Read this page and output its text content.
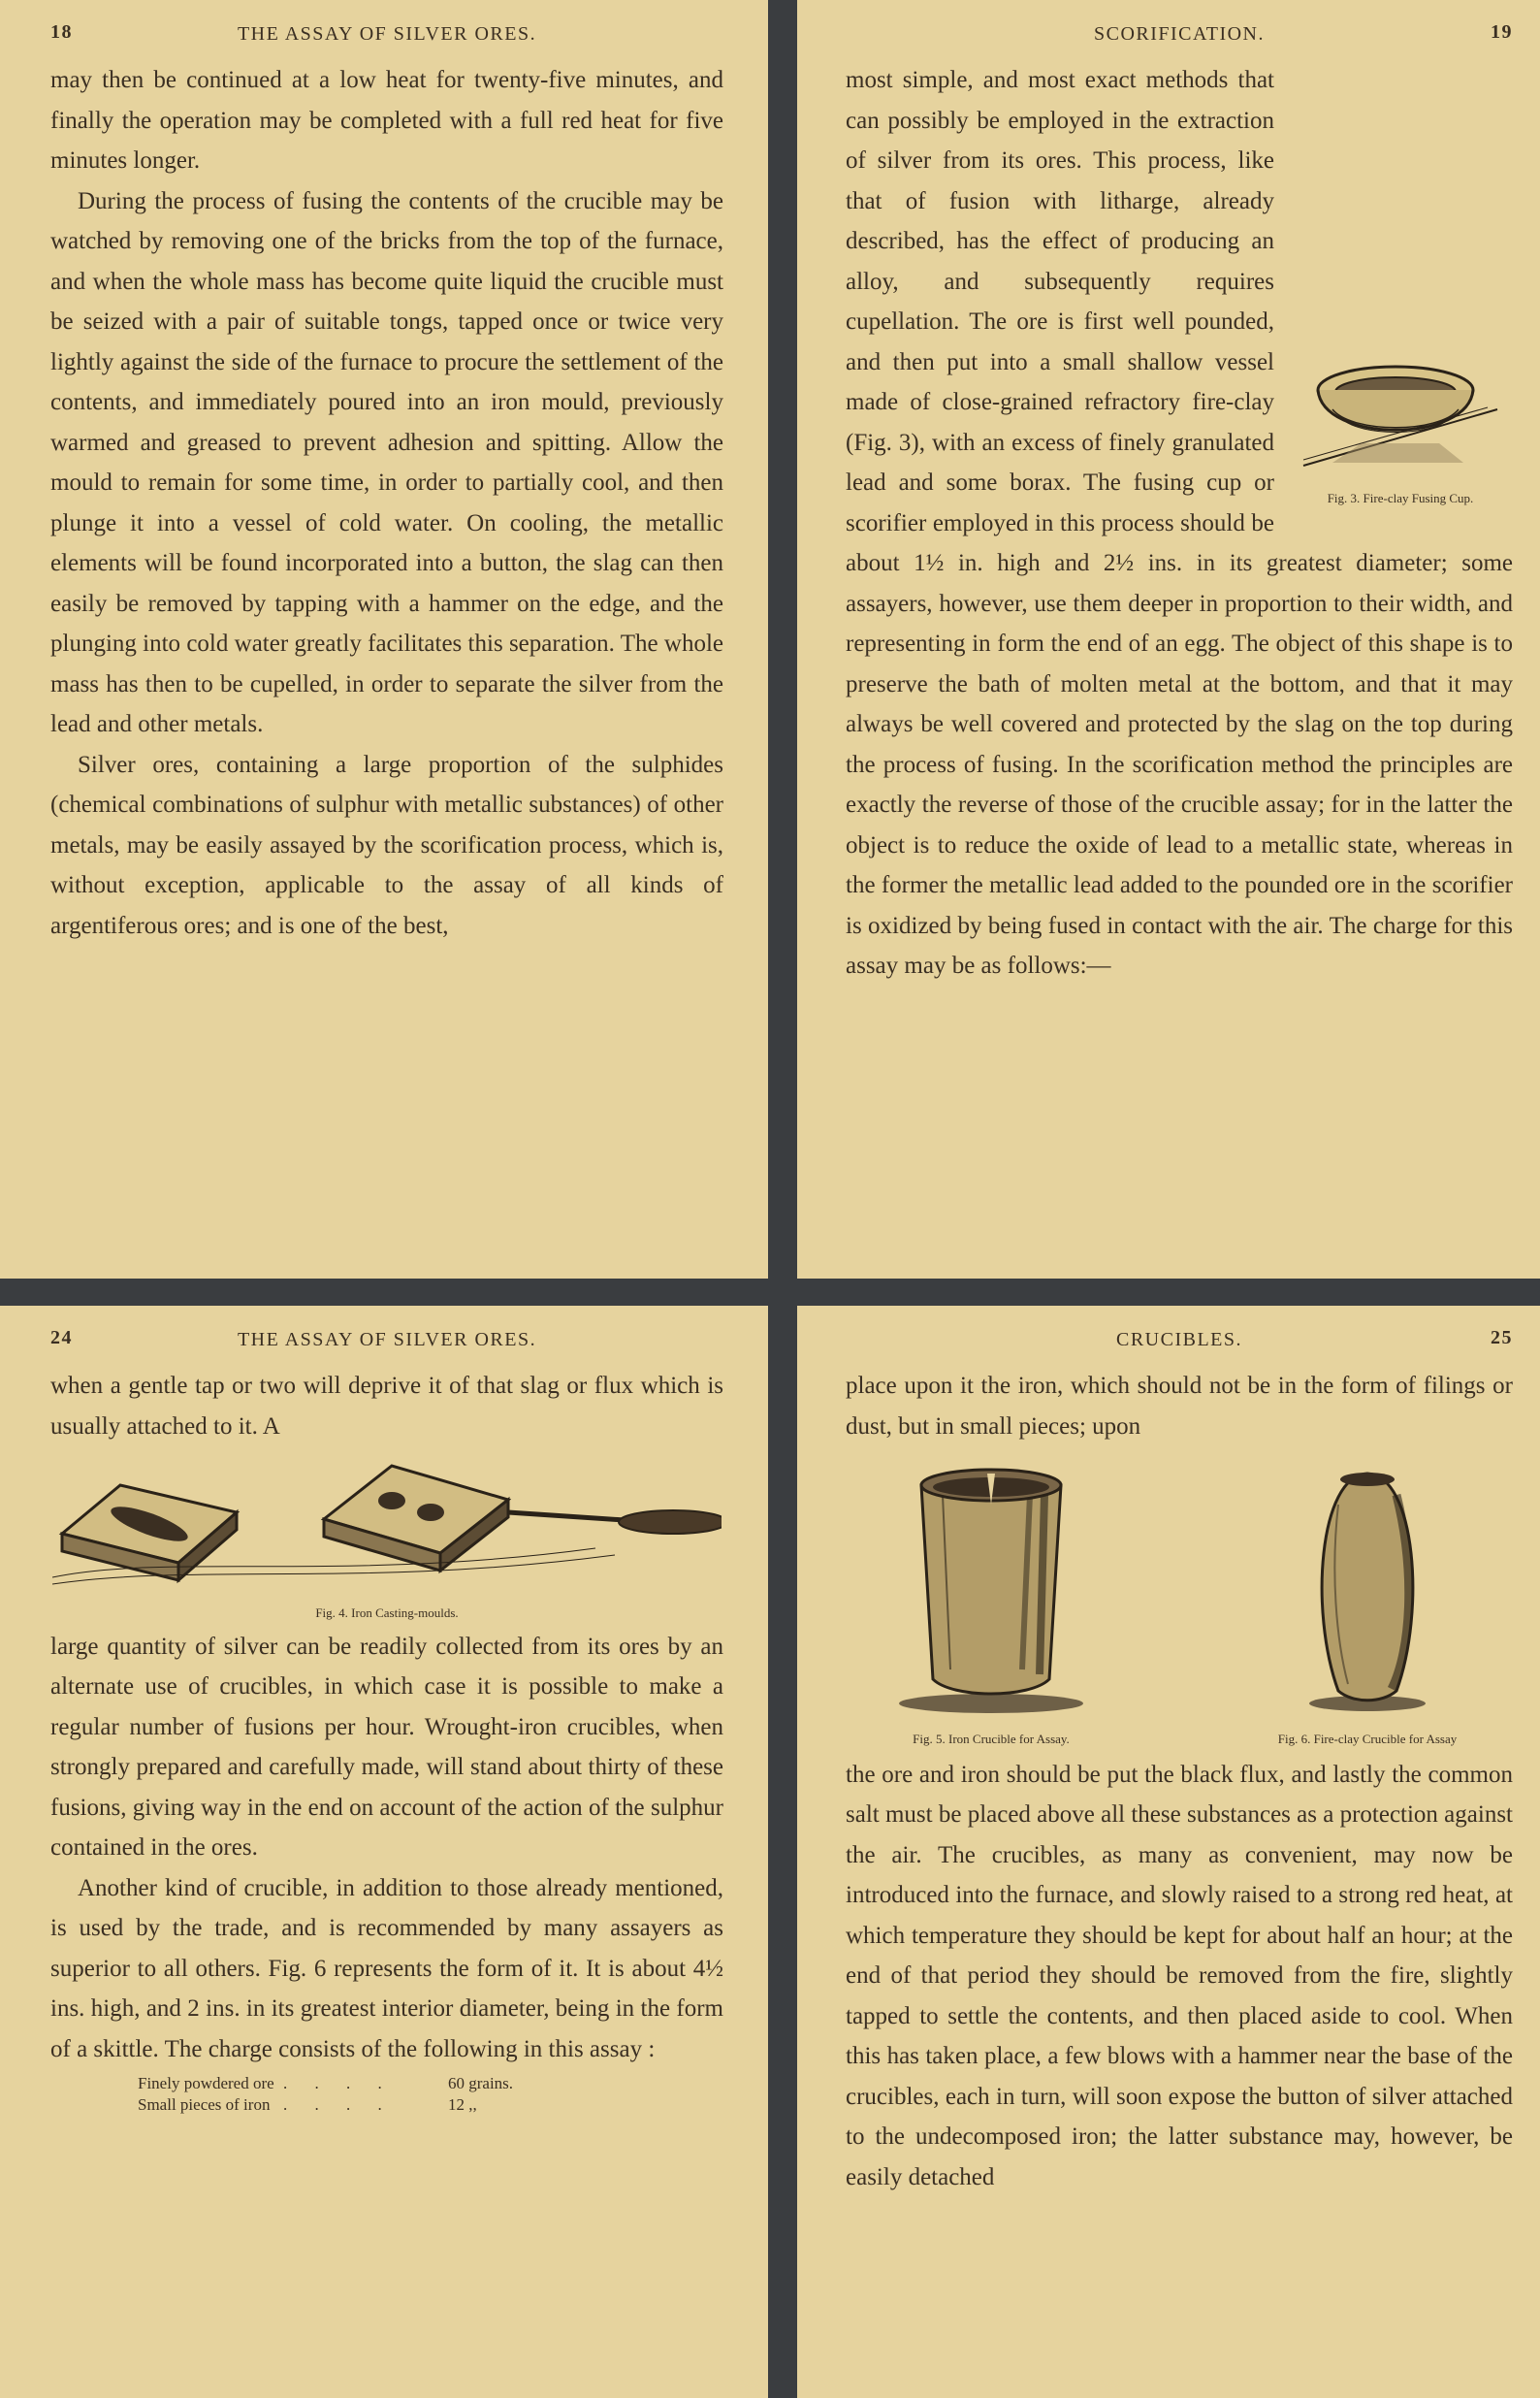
18	THE ASSAY OF SILVER ORES.

may then be continued at a low heat for twenty-five minutes, and finally the operation may be completed with a full red heat for five minutes longer.

During the process of fusing the contents of the crucible may be watched by removing one of the bricks from the top of the furnace, and when the whole mass has become quite liquid the crucible must be seized with a pair of suitable tongs, tapped once or twice very lightly against the side of the furnace to procure the settlement of the contents, and immediately poured into an iron mould, previously warmed and greased to prevent adhesion and spitting. Allow the mould to remain for some time, in order to partially cool, and then plunge it into a vessel of cold water. On cooling, the metallic elements will be found incorporated into a button, the slag can then easily be removed by tapping with a hammer on the edge, and the plunging into cold water greatly facilitates this separation. The whole mass has then to be cupelled, in order to separate the silver from the lead and other metals.

Silver ores, containing a large proportion of the sulphides (chemical combinations of sulphur with metallic substances) of other metals, may be easily assayed by the scorification process, which is, without exception, applicable to the assay of all kinds of argentiferous ores; and is one of the best,

SCORIFICATION.	19
Fig. 3. Fire-clay Fusing Cup.

most simple, and most exact methods that can possibly be employed in the extraction of silver from its ores. This process, like that of fusion with litharge, already described, has the effect of producing an alloy, and subsequently requires cupellation. The ore is first well pounded, and then put into a small shallow vessel made of close-grained refractory fire-clay (Fig. 3), with an excess of finely granulated lead and some borax. The fusing cup or scorifier employed in this process should be about 1½ in. high and 2½ ins. in its greatest diameter; some assayers, however, use them deeper in proportion to their width, and representing in form the end of an egg. The object of this shape is to preserve the bath of molten metal at the bottom, and that it may always be well covered and protected by the slag on the top during the process of fusing. In the scorification method the principles are exactly the reverse of those of the crucible assay; for in the latter the object is to reduce the oxide of lead to a metallic state, whereas in the former the metallic lead added to the pounded ore in the scorifier is oxidized by being fused in contact with the air. The charge for this assay may be as follows:—

24	THE ASSAY OF SILVER ORES.

when a gentle tap or two will deprive it of that slag or flux which is usually attached to it. A

Fig. 4. Iron Casting-moulds.

large quantity of silver can be readily collected from its ores by an alternate use of crucibles, in which case it is possible to make a regular number of fusions per hour. Wrought-iron crucibles, when strongly prepared and carefully made, will stand about thirty of these fusions, giving way in the end on account of the action of the sulphur contained in the ores.

Another kind of crucible, in addition to those already mentioned, is used by the trade, and is recommended by many assayers as superior to all others. Fig. 6 represents the form of it. It is about 4½ ins. high, and 2 ins. in its greatest interior diameter, being in the form of a skittle. The charge consists of the following in this assay :

Finely powdered ore . . . .	60 grains.
Small pieces of iron . . . .	12 ,,
CRUCIBLES.	25

place upon it the iron, which should not be in the form of filings or dust, but in small pieces; upon

Fig. 5. Iron Crucible for Assay.	Fig. 6. Fire-clay Crucible for Assay

the ore and iron should be put the black flux, and lastly the common salt must be placed above all these substances as a protection against the air. The crucibles, as many as convenient, may now be introduced into the furnace, and slowly raised to a strong red heat, at which temperature they should be kept for about half an hour; at the end of that period they should be removed from the fire, slightly tapped to settle the contents, and then placed aside to cool. When this has taken place, a few blows with a hammer near the base of the crucibles, each in turn, will soon expose the button of silver attached to the undecomposed iron; the latter substance may, however, be easily detached
